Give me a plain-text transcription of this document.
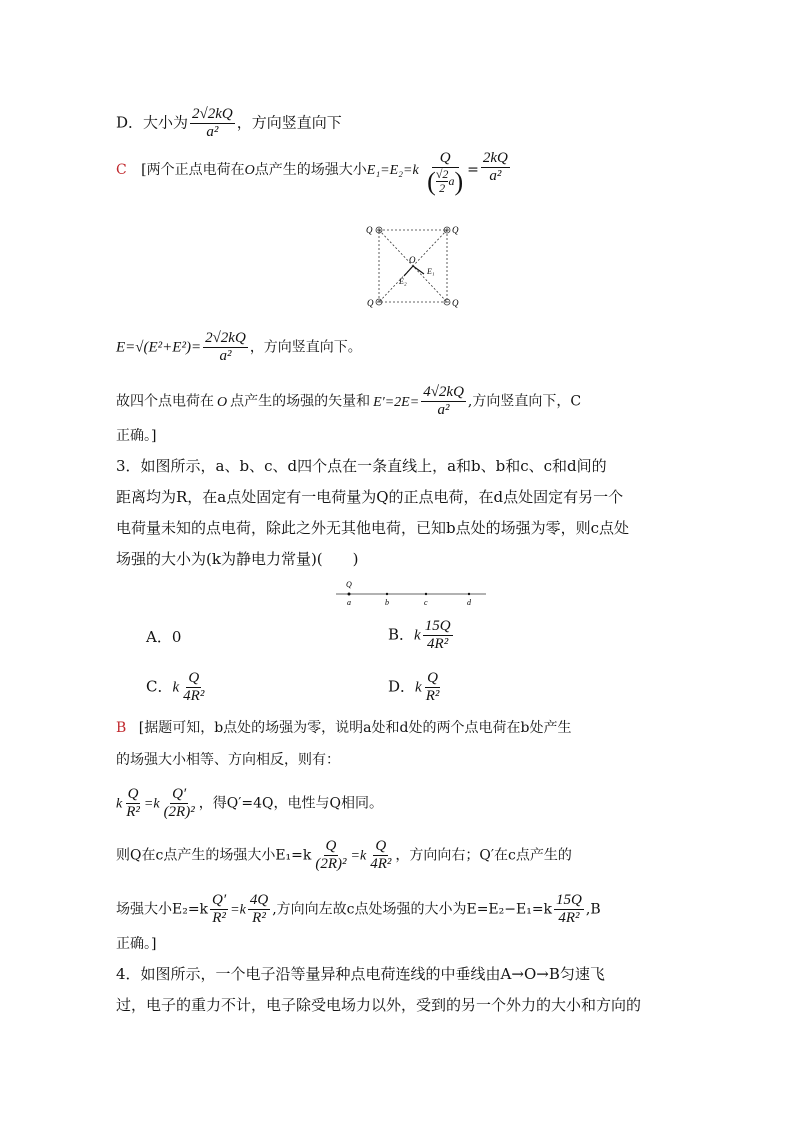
D．大小为 $\frac{2√2kQ}{\text{a²}}$ ，方向竖直向下
C [两个正点电荷在O点产生的场强大小E₁=E₂=k Q
( √2
2 a ) = $\frac{2kQ}{\text{a²}}$
Q	Q
Q	Q
O
E₁
E₂
$E=√(E^2+E^2)= \frac{2√2kQ}{\text{a²}}$ ，方向竖直向下。
故四个点电荷在 O 点产生的场强的矢量和 $E'=2E= \frac{4√2kQ}{\text{a²}}$ ,方向竖直向下，C
正确。]
3．如图所示，a、b、c、d四个点在一条直线上，a和b、b和c、c和d间的
距离均为R，在a点处固定有一电荷量为Q的正点电荷，在d点处固定有另一个
电荷量未知的点电荷，除此之外无其他电荷，已知b点处的场强为零，则c点处
场强的大小为(k为静电力常量)(　　)
Q
a	b	c	d
A．0	B．k $\frac{15Q}{\text{4R²}}$
C．k $\frac{Q}{\text{4R²}}$	D．k $\frac{Q}{\text{R²}}$
B [据题可知，b点处的场强为零，说明a处和d处的两个点电荷在b处产生
的场强大小相等、方向相反，则有：
k $\frac{Q}{\text{R²}} =k \frac{Q'}{\text{(2R)²}}$ ，得Q′=4Q，电性与Q相同。
则Q在c点产生的场强大小$E_1=k \frac{Q}{\text{(2R)²}} =k \frac{Q}{\text{4R²}}$ ，方向向右；Q′在c点产生的
场强大小$E_2=k \frac{Q'}{\text{R²}} =k \frac{4Q}{\text{R²}}$ ,方向向左故c点处场强的大小为$E=E_2-E_1=k \frac{15Q}{\text{4R²}} ,B$
正确。]
4．如图所示，一个电子沿等量异种点电荷连线的中垂线由A→O→B匀速飞
过，电子的重力不计，电子除受电场力以外，受到的另一个外力的大小和方向的
